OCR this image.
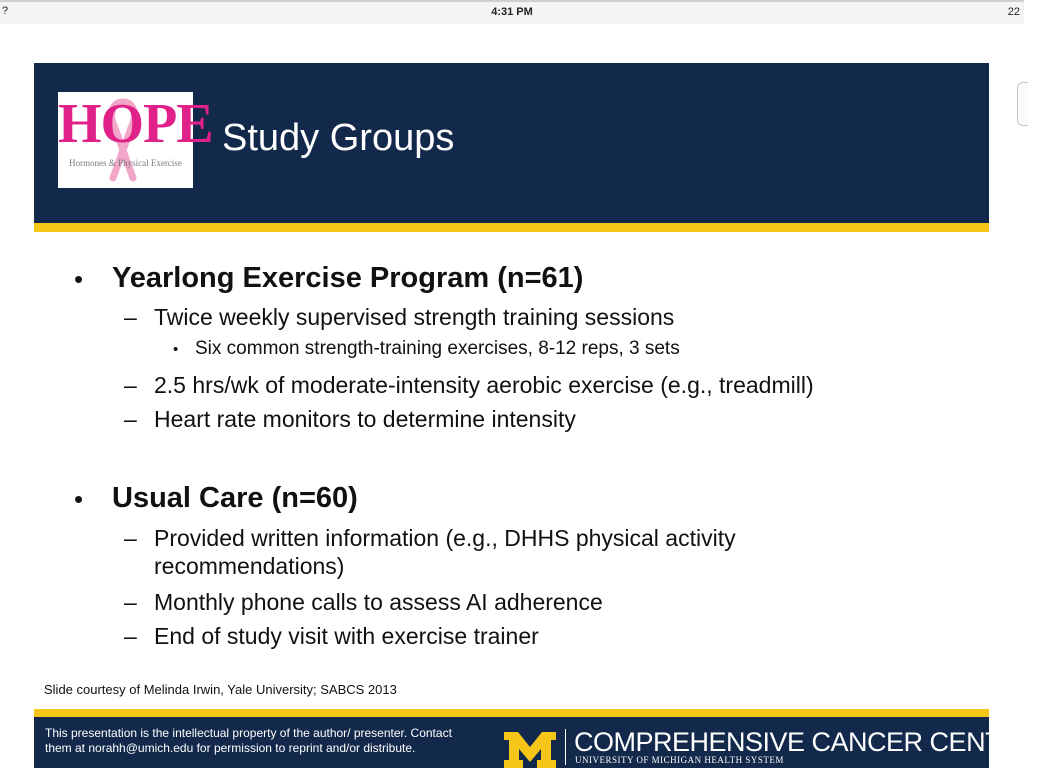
?	4:31 PM	22
HOPE
Hormones & Physical Exercise
Study Groups
• Yearlong Exercise Program (n=61)
– Twice weekly supervised strength training sessions
• Six common strength-training exercises, 8-12 reps, 3 sets
– 2.5 hrs/wk of moderate-intensity aerobic exercise (e.g., treadmill)
– Heart rate monitors to determine intensity
• Usual Care (n=60)
– Provided written information (e.g., DHHS physical activity
recommendations)
– Monthly phone calls to assess AI adherence
– End of study visit with exercise trainer
Slide courtesy of Melinda Irwin, Yale University; SABCS 2013
This presentation is the intellectual property of the author/ presenter. Contact them at norahh@umich.edu for permission to reprint and/or distribute.	COMPREHENSIVE CANCER CENTER
UNIVERSITY OF MICHIGAN HEALTH SYSTEM
